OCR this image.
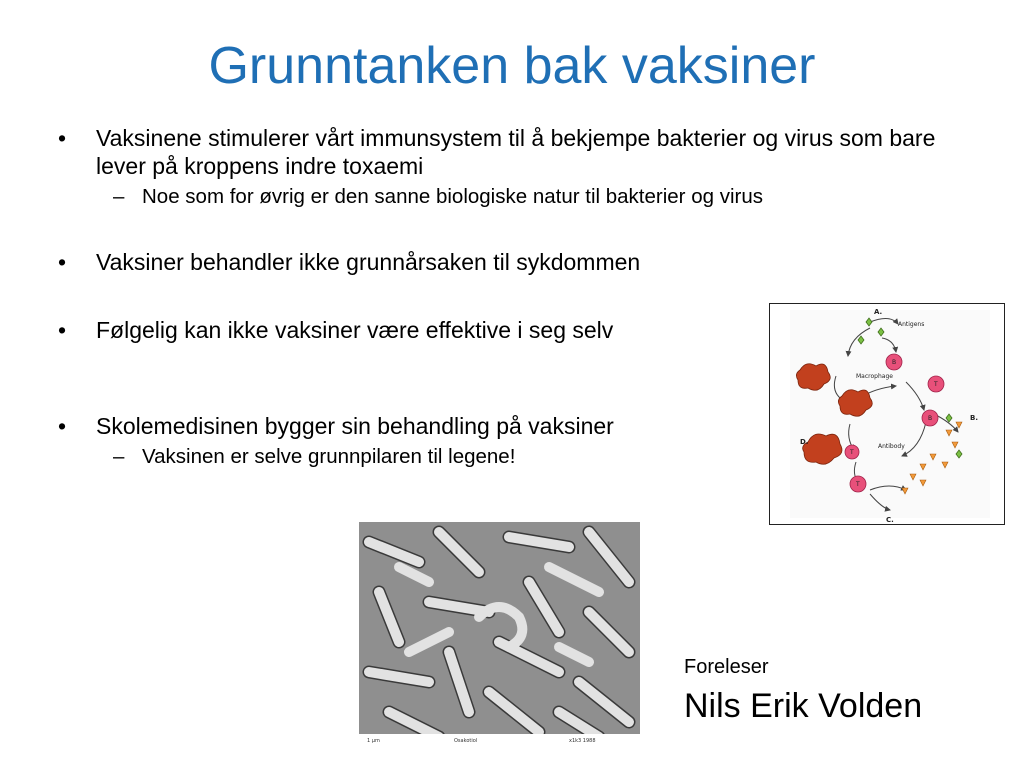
Grunntanken bak vaksiner
•	Vaksinene stimulerer vårt immunsystem til å bekjempe bakterier og virus som bare lever på kroppens indre toxaemi
– Noe som for øvrig er den sanne biologiske natur til bakterier og virus
•	Vaksiner behandler ikke grunnårsaken til sykdommen
•	Følgelig kan ikke vaksiner være effektive i seg selv
•	Skolemedisinen bygger sin behandling på vaksiner
– Vaksinen er selve grunnpilaren til legene!
B
T
B
T
T
A.
Antigens
Macrophage
B.
D.
Antibody
C.
1 µm	Osakotiol	x1k3 1988
Foreleser
Nils Erik Volden
